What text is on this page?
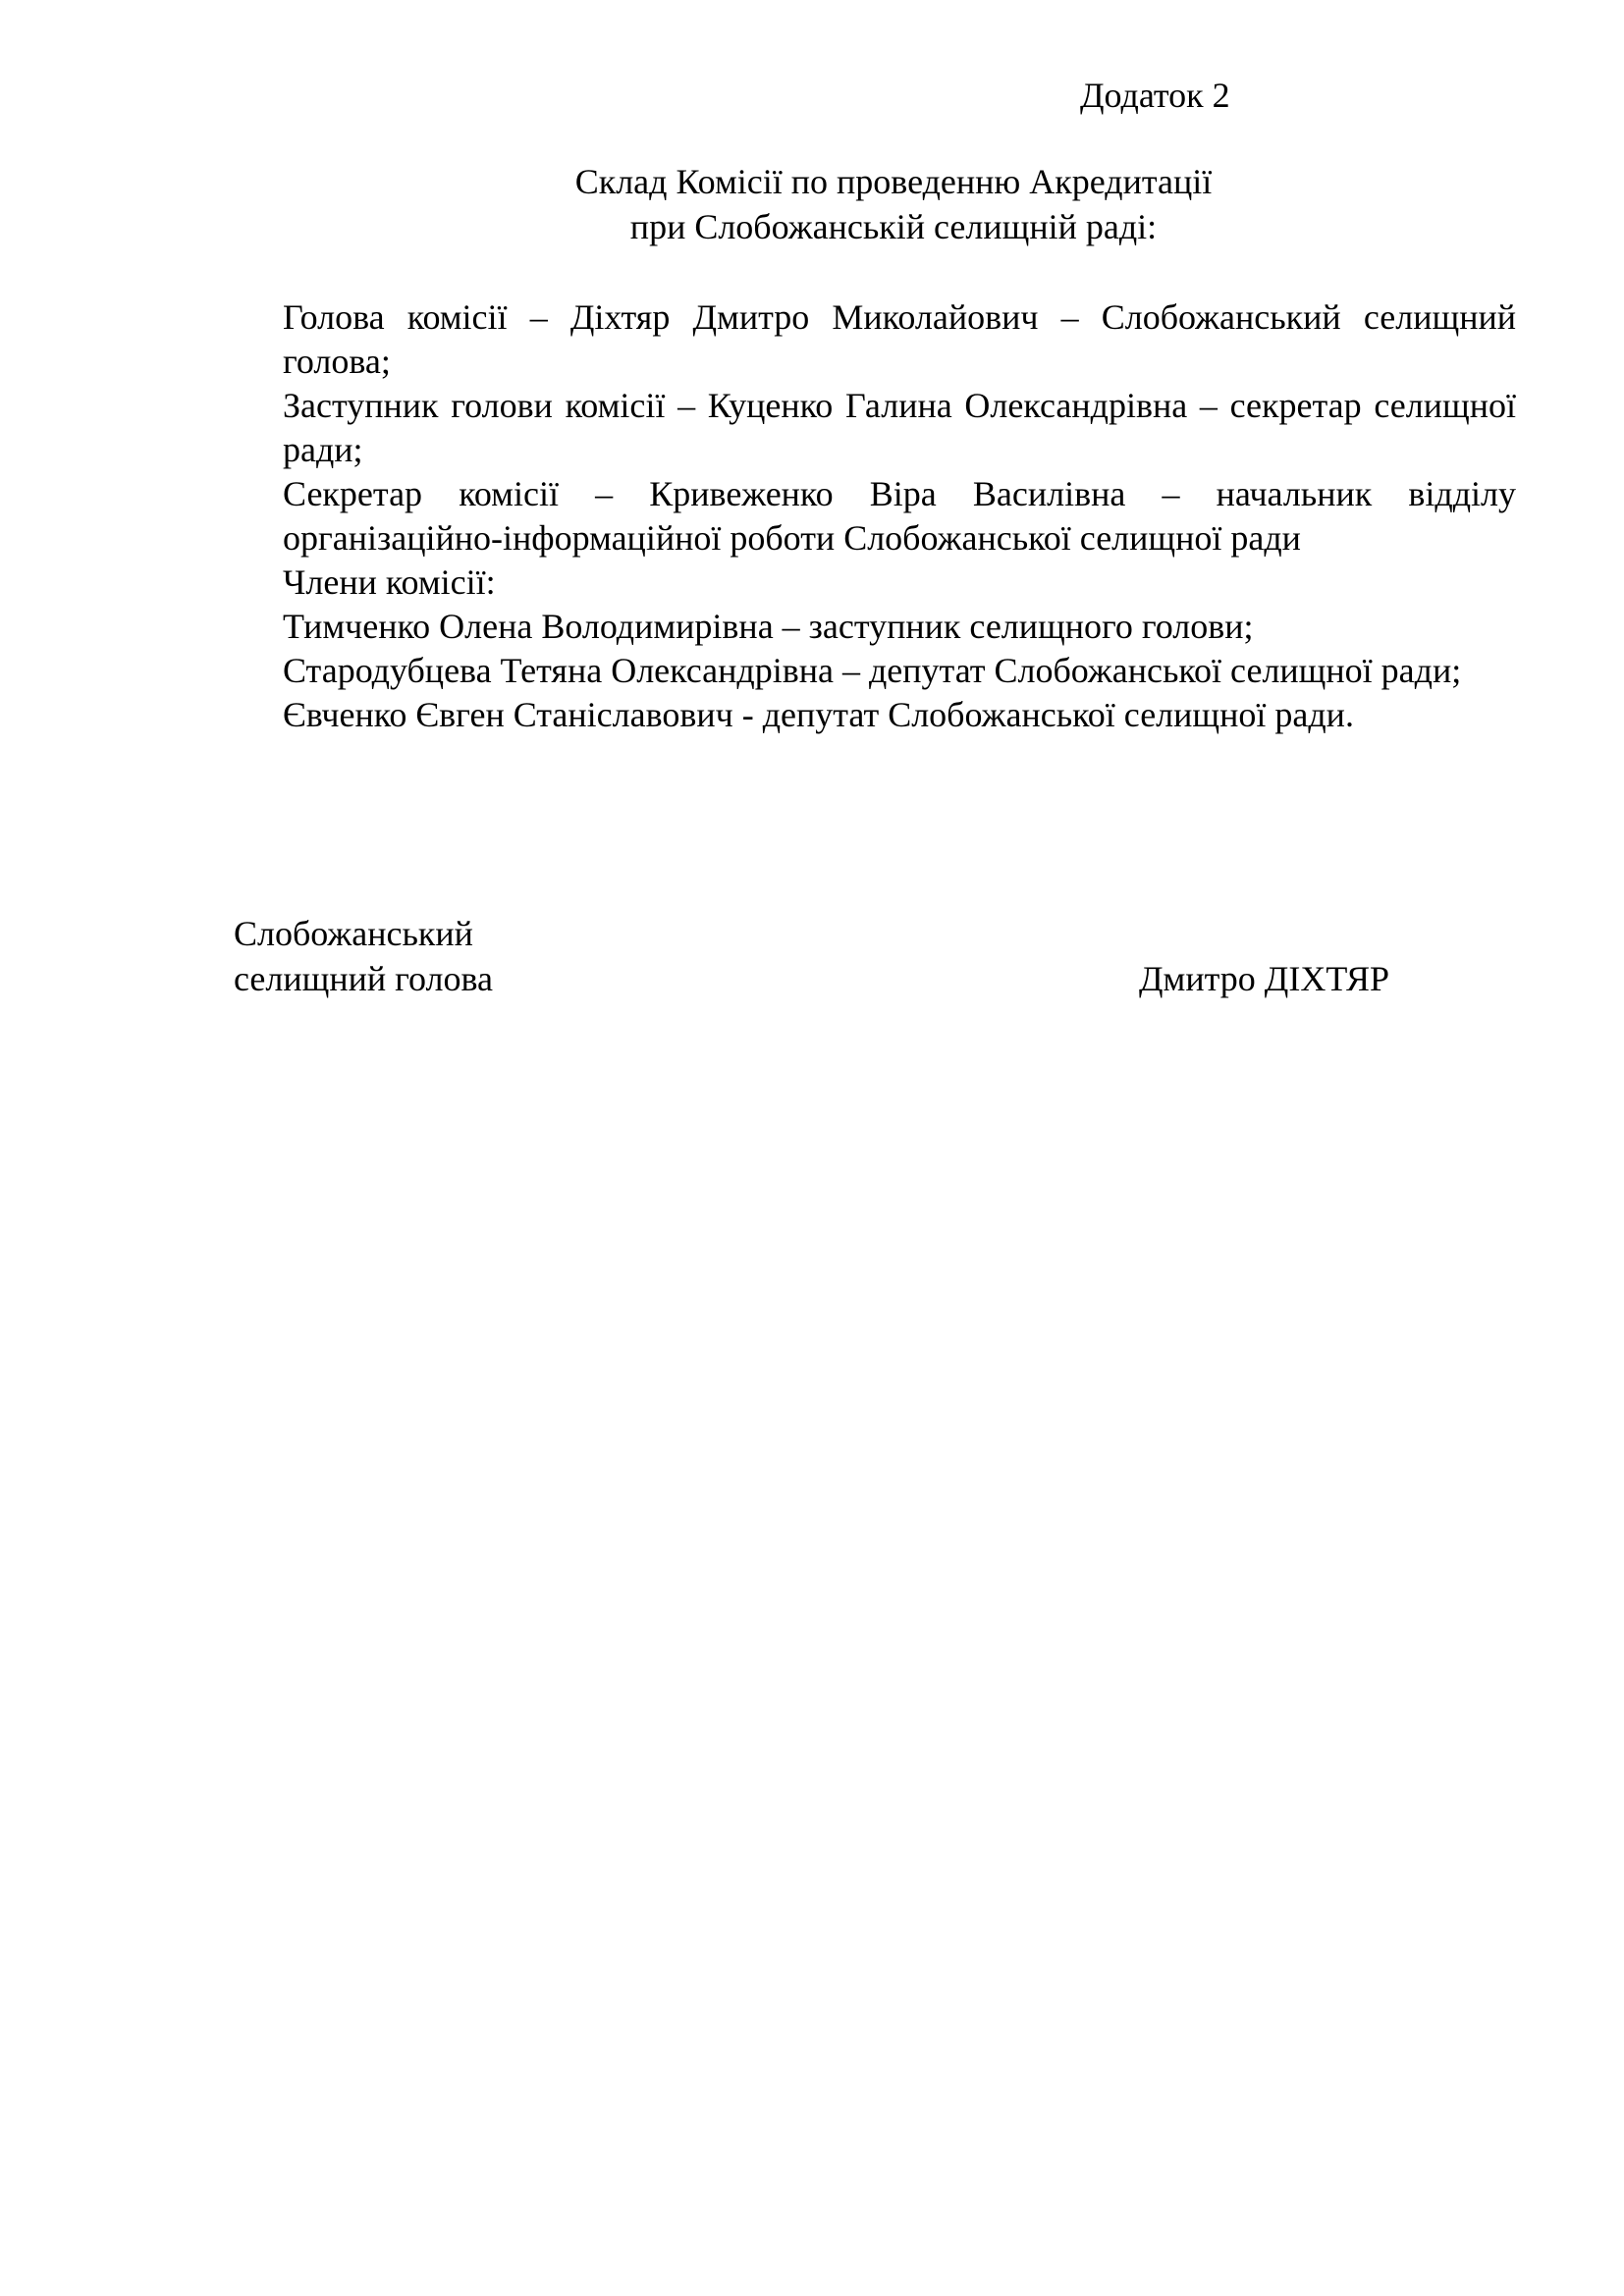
Додаток 2
Склад Комісії по проведенню Акредитації
при Слобожанській селищній раді:

Голова комісії – Діхтяр Дмитро Миколайович – Слобожанський селищний голова;

Заступник голови комісії – Куценко Галина Олександрівна – секретар селищної ради;

Секретар комісії – Кривеженко Віра Василівна – начальник відділу організаційно-інформаційної роботи Слобожанської селищної ради

Члени комісії:

Тимченко Олена Володимирівна – заступник селищного голови;

Стародубцева Тетяна Олександрівна – депутат Слобожанської селищної ради;

Євченко Євген Станіславович - депутат Слобожанської селищної ради.

Слобожанський
селищний голова	Дмитро ДІХТЯР
